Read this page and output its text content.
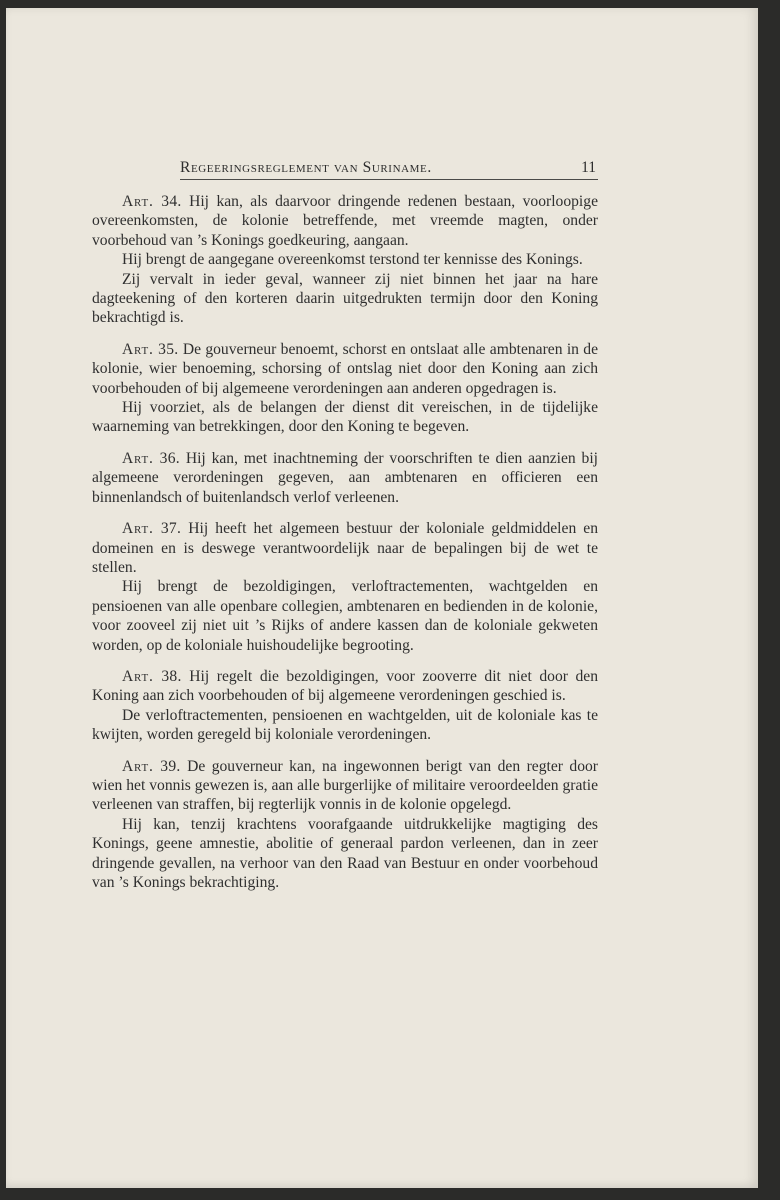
Regeeringsreglement van Suriname.	11

Art. 34. Hij kan, als daarvoor dringende redenen bestaan, voorloopige overeenkomsten, de kolonie betreffende, met vreemde magten, onder voorbehoud van ’s Konings goedkeuring, aangaan.

Hij brengt de aangegane overeenkomst terstond ter kennisse des Konings.

Zij vervalt in ieder geval, wanneer zij niet binnen het jaar na hare dagteekening of den korteren daarin uitgedrukten termijn door den Koning bekrachtigd is.

Art. 35. De gouverneur benoemt, schorst en ontslaat alle ambtenaren in de kolonie, wier benoeming, schorsing of ontslag niet door den Koning aan zich voorbehouden of bij algemeene verordeningen aan anderen opgedragen is.

Hij voorziet, als de belangen der dienst dit vereischen, in de tijdelijke waarneming van betrekkingen, door den Koning te begeven.

Art. 36. Hij kan, met inachtneming der voorschriften te dien aanzien bij algemeene verordeningen gegeven, aan ambtenaren en officieren een binnenlandsch of buitenlandsch verlof verleenen.

Art. 37. Hij heeft het algemeen bestuur der koloniale geldmiddelen en domeinen en is deswege verantwoordelijk naar de bepalingen bij de wet te stellen.

Hij brengt de bezoldigingen, verloftractementen, wachtgelden en pensioenen van alle openbare collegien, ambtenaren en bedienden in de kolonie, voor zooveel zij niet uit ’s Rijks of andere kassen dan de koloniale gekweten worden, op de koloniale huishoudelijke begrooting.

Art. 38. Hij regelt die bezoldigingen, voor zooverre dit niet door den Koning aan zich voorbehouden of bij algemeene verordeningen geschied is.

De verloftractementen, pensioenen en wachtgelden, uit de koloniale kas te kwijten, worden geregeld bij koloniale verordeningen.

Art. 39. De gouverneur kan, na ingewonnen berigt van den regter door wien het vonnis gewezen is, aan alle burgerlijke of militaire veroordeelden gratie verleenen van straffen, bij regterlijk vonnis in de kolonie opgelegd.

Hij kan, tenzij krachtens voorafgaande uitdrukkelijke magtiging des Konings, geene amnestie, abolitie of generaal pardon verleenen, dan in zeer dringende gevallen, na verhoor van den Raad van Bestuur en onder voorbehoud van ’s Konings bekrachtiging.
